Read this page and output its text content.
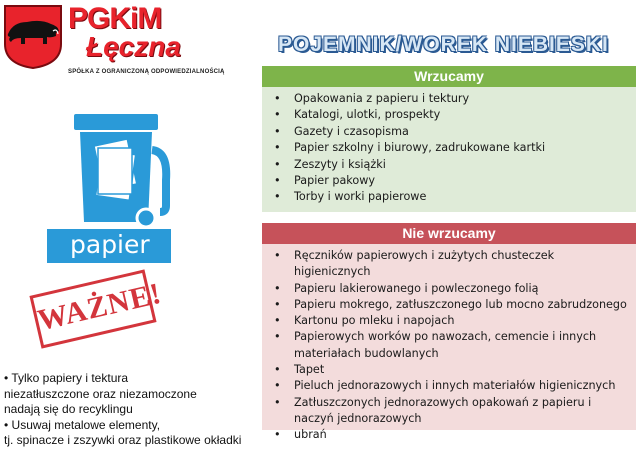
PGKiM
Łęczna
SPÓŁKA Z OGRANICZONĄ ODPOWIEDZIALNOŚCIĄ
POJEMNIK/WOREK NIEBIESKI
papier
WAŻNE!
• Tylko papiery i tektura
niezatłuszczone oraz niezamoczone
nadają się do recyklingu
• Usuwaj metalowe elementy,
tj. spinacze i zszywki oraz plastikowe okładki
Wrzucamy
• Opakowania z papieru i tektury
• Katalogi, ulotki, prospekty
• Gazety i czasopisma
• Papier szkolny i biurowy, zadrukowane kartki
• Zeszyty i książki
• Papier pakowy
• Torby i worki papierowe
Nie wrzucamy
• Ręczników papierowych i zużytych chusteczek higienicznych
• Papieru lakierowanego i powleczonego folią
• Papieru mokrego, zatłuszczonego lub mocno zabrudzonego
• Kartonu po mleku i napojach
• Papierowych worków po nawozach, cemencie i innych materiałach budowlanych
• Tapet
• Pieluch jednorazowych i innych materiałów higienicznych
• Zatłuszczonych jednorazowych opakowań z papieru i naczyń jednorazowych
• ubrań
